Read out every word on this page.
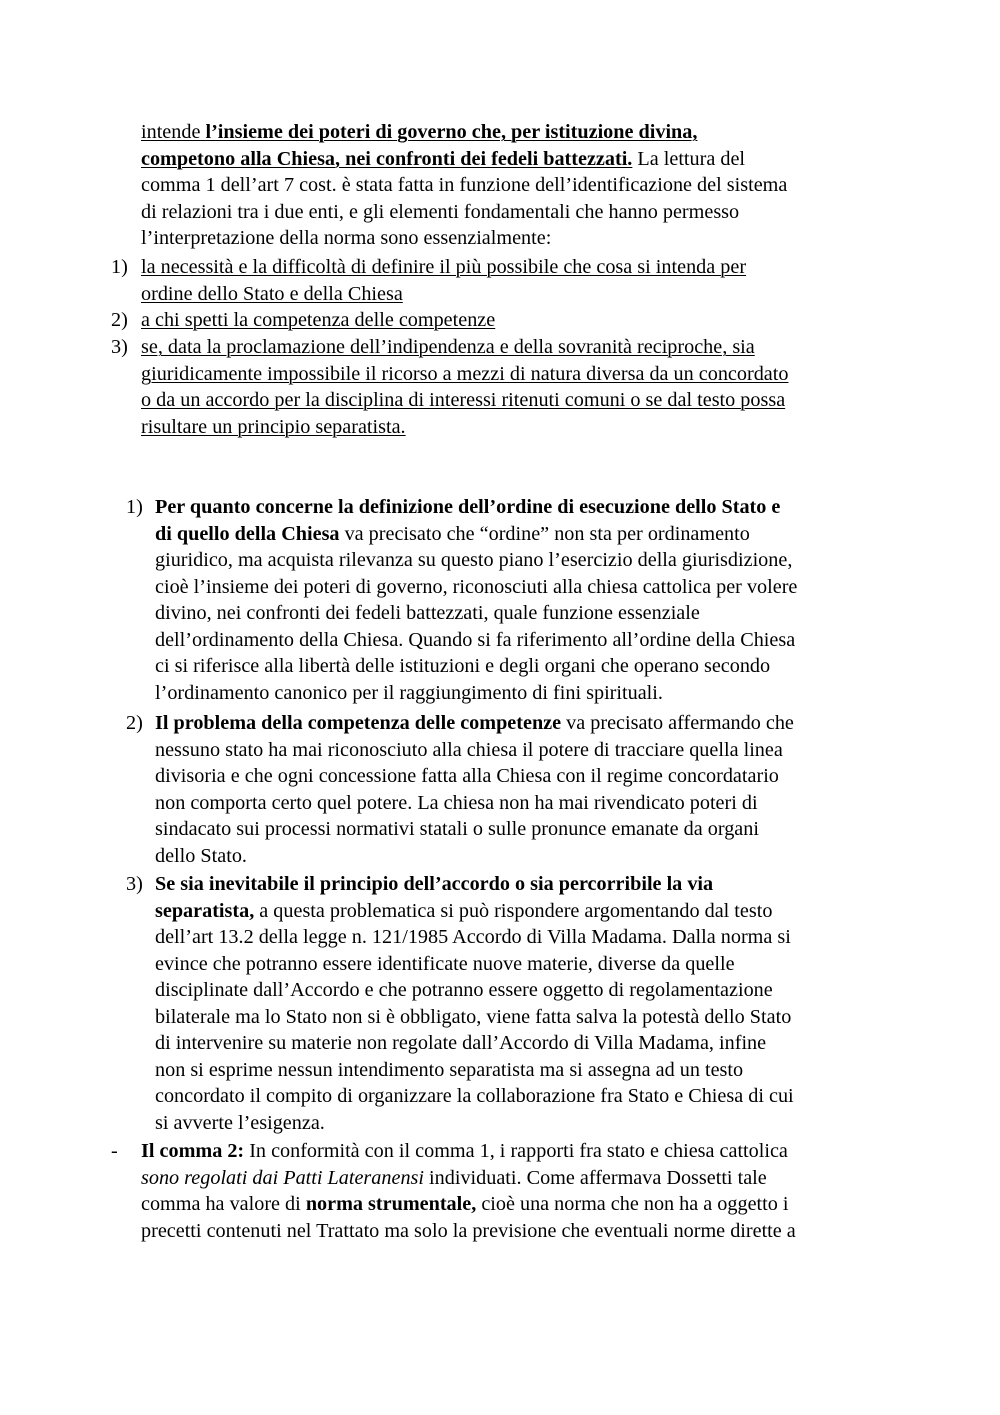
intende l’insieme dei poteri di governo che, per istituzione divina,
competono alla Chiesa, nei confronti dei fedeli battezzati. La lettura del
comma 1 dell’art 7 cost. è stata fatta in funzione dell’identificazione del sistema
di relazioni tra i due enti, e gli elementi fondamentali che hanno permesso
l’interpretazione della norma sono essenzialmente:
1) la necessità e la difficoltà di definire il più possibile che cosa si intenda per
ordine dello Stato e della Chiesa
2) a chi spetti la competenza delle competenze
3) se, data la proclamazione dell’indipendenza e della sovranità reciproche, sia
giuridicamente impossibile il ricorso a mezzi di natura diversa da un concordato
o da un accordo per la disciplina di interessi ritenuti comuni o se dal testo possa
risultare un principio separatista.
1) Per quanto concerne la definizione dell’ordine di esecuzione dello Stato e
di quello della Chiesa va precisato che “ordine” non sta per ordinamento
giuridico, ma acquista rilevanza su questo piano l’esercizio della giurisdizione,
cioè l’insieme dei poteri di governo, riconosciuti alla chiesa cattolica per volere
divino, nei confronti dei fedeli battezzati, quale funzione essenziale
dell’ordinamento della Chiesa. Quando si fa riferimento all’ordine della Chiesa
ci si riferisce alla libertà delle istituzioni e degli organi che operano secondo
l’ordinamento canonico per il raggiungimento di fini spirituali.
2) Il problema della competenza delle competenze va precisato affermando che
nessuno stato ha mai riconosciuto alla chiesa il potere di tracciare quella linea
divisoria e che ogni concessione fatta alla Chiesa con il regime concordatario
non comporta certo quel potere. La chiesa non ha mai rivendicato poteri di
sindacato sui processi normativi statali o sulle pronunce emanate da organi
dello Stato.
3) Se sia inevitabile il principio dell’accordo o sia percorribile la via
separatista, a questa problematica si può rispondere argomentando dal testo
dell’art 13.2 della legge n. 121/1985 Accordo di Villa Madama. Dalla norma si
evince che potranno essere identificate nuove materie, diverse da quelle
disciplinate dall’Accordo e che potranno essere oggetto di regolamentazione
bilaterale ma lo Stato non si è obbligato, viene fatta salva la potestà dello Stato
di intervenire su materie non regolate dall’Accordo di Villa Madama, infine
non si esprime nessun intendimento separatista ma si assegna ad un testo
concordato il compito di organizzare la collaborazione fra Stato e Chiesa di cui
si avverte l’esigenza.
- Il comma 2: In conformità con il comma 1, i rapporti fra stato e chiesa cattolica
sono regolati dai Patti Lateranensi individuati. Come affermava Dossetti tale
comma ha valore di norma strumentale, cioè una norma che non ha a oggetto i
precetti contenuti nel Trattato ma solo la previsione che eventuali norme dirette a
